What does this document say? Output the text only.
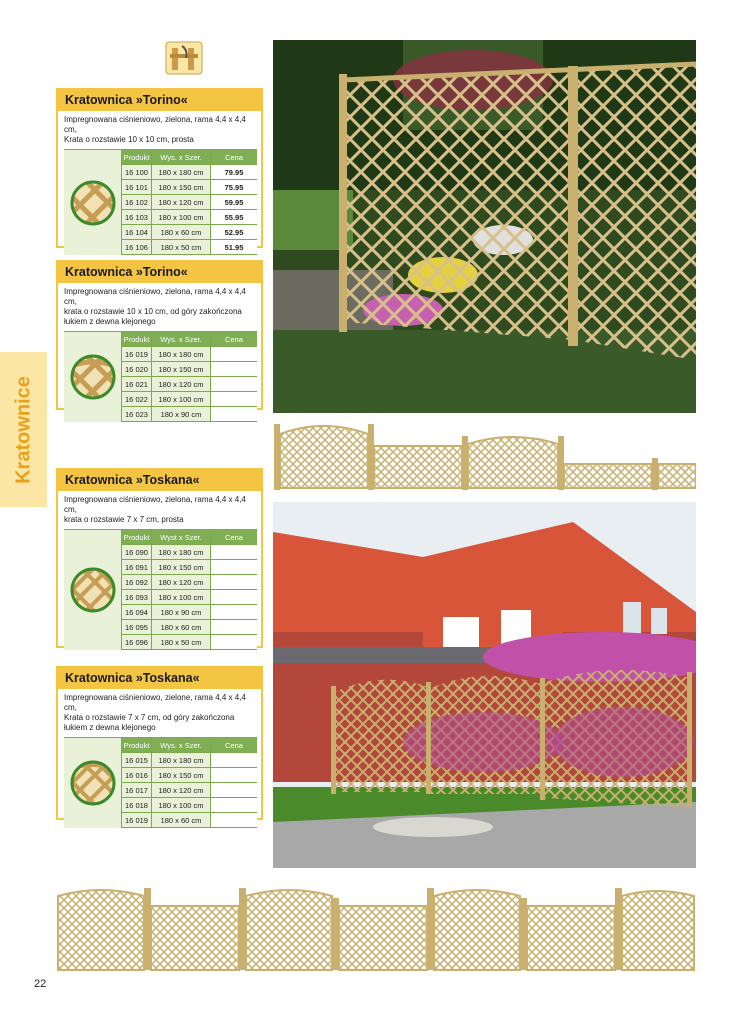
Kratownice
Kratownica »Torino«
Impregnowana ciśnieniowo, zielona, rama 4,4 x 4,4 cm,
Krata o rozstawie 10 x 10 cm, prosta
Produkt	Wys. x Szer.	Cena
16 100	180 x 180 cm	79.95
16 101	180 x 150 cm	75.95
16 102	180 x 120 cm	59.95
16 103	180 x 100 cm	55.95
16 104	180 x 60 cm	52.95
16 106	180 x 50 cm	51.95
Kratownica »Torino«
Impregnowana ciśnieniowo, zielona, rama 4,4 x 4,4 cm,
krata o rozstawie 10 x 10 cm, od góry zakończona
łukiem z dewna klejonego
Produkt	Wys. x Szer.	Cena
16 019	180 x 180 cm
16 020	180 x 150 cm
16 021	180 x 120 cm
16 022	180 x 100 cm
16 023	180 x 90 cm
Kratownica »Toskana«
Impregnowana ciśnieniowo, zielona, rama 4,4 x 4,4 cm,
krata o rozstawie 7 x 7 cm, prosta
Produkt	Wyst x Szer.	Cena
16 090	180 x 180 cm
16 091	180 x 150 cm
16 092	180 x 120 cm
16 093	180 x 100 cm
16 094	180 x 90 cm
16 095	180 x 60 cm
16 096	180 x 50 cm
Kratownica »Toskana«
Impregnowana ciśnieniowo, zielone, rama 4,4 x 4,4 cm,
Krata o rozstawie 7 x 7 cm, od góry zakończona
łukiem z dewna klejonego
Produkt	Wys. x Szer.	Cena
16 015	180 x 180 cm
16 016	180 x 150 cm
16 017	180 x 120 cm
16 018	180 x 100 cm
16 019	180 x 60 cm
22
